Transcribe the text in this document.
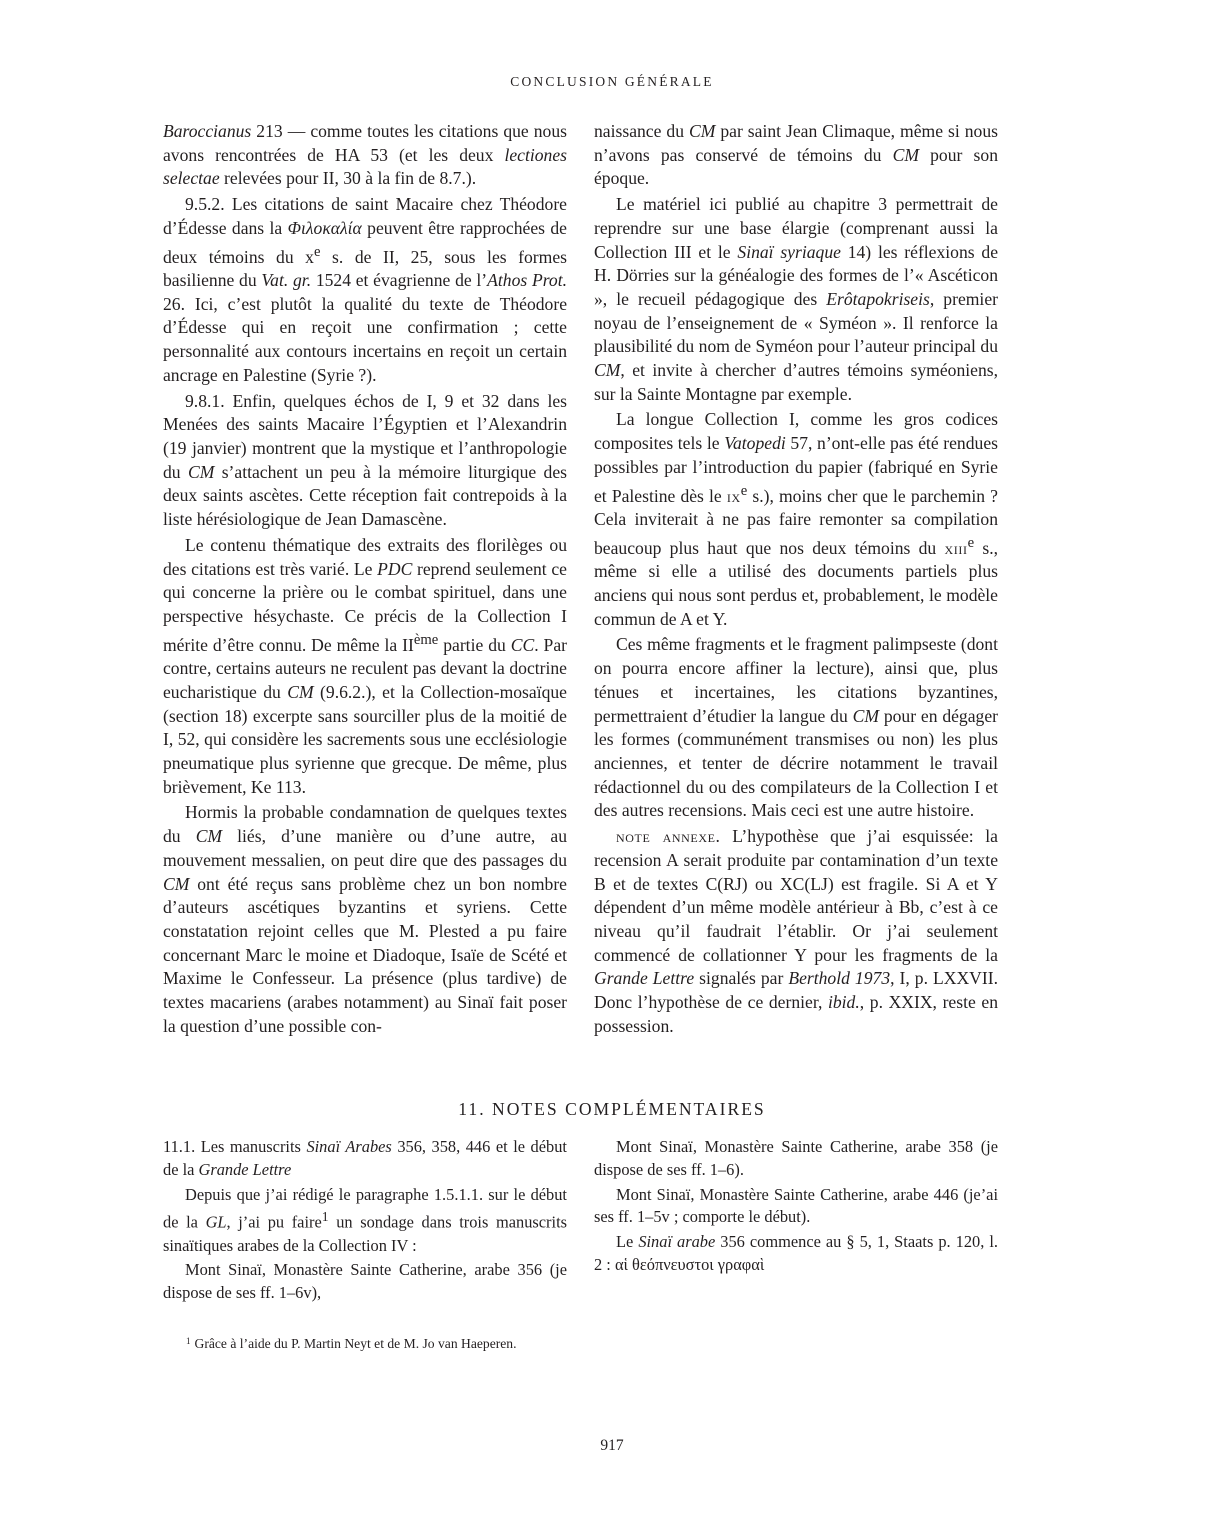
CONCLUSION GÉNÉRALE

Baroccianus 213 — comme toutes les citations que nous avons rencontrées de HA 53 (et les deux lectiones selectae relevées pour II, 30 à la fin de 8.7.).

9.5.2. Les citations de saint Macaire chez Théodore d’Édesse dans la Φιλοκαλία peuvent être rapprochées de deux témoins du $x^e$ s. de II, 25, sous les formes basilienne du Vat. gr. 1524 et évagrienne de l’Athos Prot. 26. Ici, c’est plutôt la qualité du texte de Théodore d’Édesse qui en reçoit une confirmation ; cette personnalité aux contours incertains en reçoit un certain ancrage en Palestine (Syrie ?).

9.8.1. Enfin, quelques échos de I, 9 et 32 dans les Menées des saints Macaire l’Égyptien et l’Alexandrin (19 janvier) montrent que la mystique et l’anthropologie du CM s’attachent un peu à la mémoire liturgique des deux saints ascètes. Cette réception fait contrepoids à la liste hérésiologique de Jean Damascène.

Le contenu thématique des extraits des florilèges ou des citations est très varié. Le PDC reprend seulement ce qui concerne la prière ou le combat spirituel, dans une perspective hésychaste. Ce précis de la Collection I mérite d’être connu. De même la IIème partie du CC. Par contre, certains auteurs ne reculent pas devant la doctrine eucharistique du CM (9.6.2.), et la Collection-mosaïque (section 18) excerpte sans sourciller plus de la moitié de I, 52, qui considère les sacrements sous une ecclésiologie pneumatique plus syrienne que grecque. De même, plus brièvement, Ke 113.

Hormis la probable condamnation de quelques textes du CM liés, d’une manière ou d’une autre, au mouvement messalien, on peut dire que des passages du CM ont été reçus sans problème chez un bon nombre d’auteurs ascétiques byzantins et syriens. Cette constatation rejoint celles que M. Plested a pu faire concernant Marc le moine et Diadoque, Isaïe de Scété et Maxime le Confesseur. La présence (plus tardive) de textes macariens (arabes notamment) au Sinaï fait poser la question d’une possible con-

naissance du CM par saint Jean Climaque, même si nous n’avons pas conservé de témoins du CM pour son époque.

Le matériel ici publié au chapitre 3 permettrait de reprendre sur une base élargie (comprenant aussi la Collection III et le Sinaï syriaque 14) les réflexions de H. Dörries sur la généalogie des formes de l’« Ascéticon », le recueil pédagogique des Erôtapokriseis, premier noyau de l’enseignement de « Syméon ». Il renforce la plausibilité du nom de Syméon pour l’auteur principal du CM, et invite à chercher d’autres témoins syméoniens, sur la Sainte Montagne par exemple.

La longue Collection I, comme les gros codices composites tels le Vatopedi 57, n’ont-elle pas été rendues possibles par l’introduction du papier (fabriqué en Syrie et Palestine dès le $ix^e$ s.), moins cher que le parchemin ? Cela inviterait à ne pas faire remonter sa compilation beaucoup plus haut que nos deux témoins du xiii$^e$ s., même si elle a utilisé des documents partiels plus anciens qui nous sont perdus et, probablement, le modèle commun de A et Y.

Ces même fragments et le fragment palimpseste (dont on pourra encore affiner la lecture), ainsi que, plus ténues et incertaines, les citations byzantines, permettraient d’étudier la langue du CM pour en dégager les formes (communément transmises ou non) les plus anciennes, et tenter de décrire notamment le travail rédactionnel du ou des compilateurs de la Collection I et des autres recensions. Mais ceci est une autre histoire.

note annexe. L’hypothèse que j’ai esquissée: la recension A serait produite par contamination d’un texte B et de textes C(RJ) ou XC(LJ) est fragile. Si A et Y dépendent d’un même modèle antérieur à Bb, c’est à ce niveau qu’il faudrait l’établir. Or j’ai seulement commencé de collationner Y pour les fragments de la Grande Lettre signalés par Berthold 1973, I, p. LXXVII. Donc l’hypothèse de ce dernier, ibid., p. XXIX, reste en possession.

11. NOTES COMPLÉMENTAIRES

11.1. Les manuscrits Sinaï Arabes 356, 358, 446 et le début de la Grande Lettre

Depuis que j’ai rédigé le paragraphe 1.5.1.1. sur le début de la GL, j’ai pu faire$^1$ un sondage dans trois manuscrits sinaïtiques arabes de la Collection IV :

Mont Sinaï, Monastère Sainte Catherine, arabe 356 (je dispose de ses ff. 1–6v),

Mont Sinaï, Monastère Sainte Catherine, arabe 358 (je dispose de ses ff. 1–6).

Mont Sinaï, Monastère Sainte Catherine, arabe 446 (je’ai ses ff. 1–5v ; comporte le début).

Le Sinaï arabe 356 commence au § 5, 1, Staats p. 120, l. 2 : αἱ θεόπνευστοι γραφαὶ

$^1$ Grâce à l’aide du P. Martin Neyt et de M. Jo van Haeperen.
917
